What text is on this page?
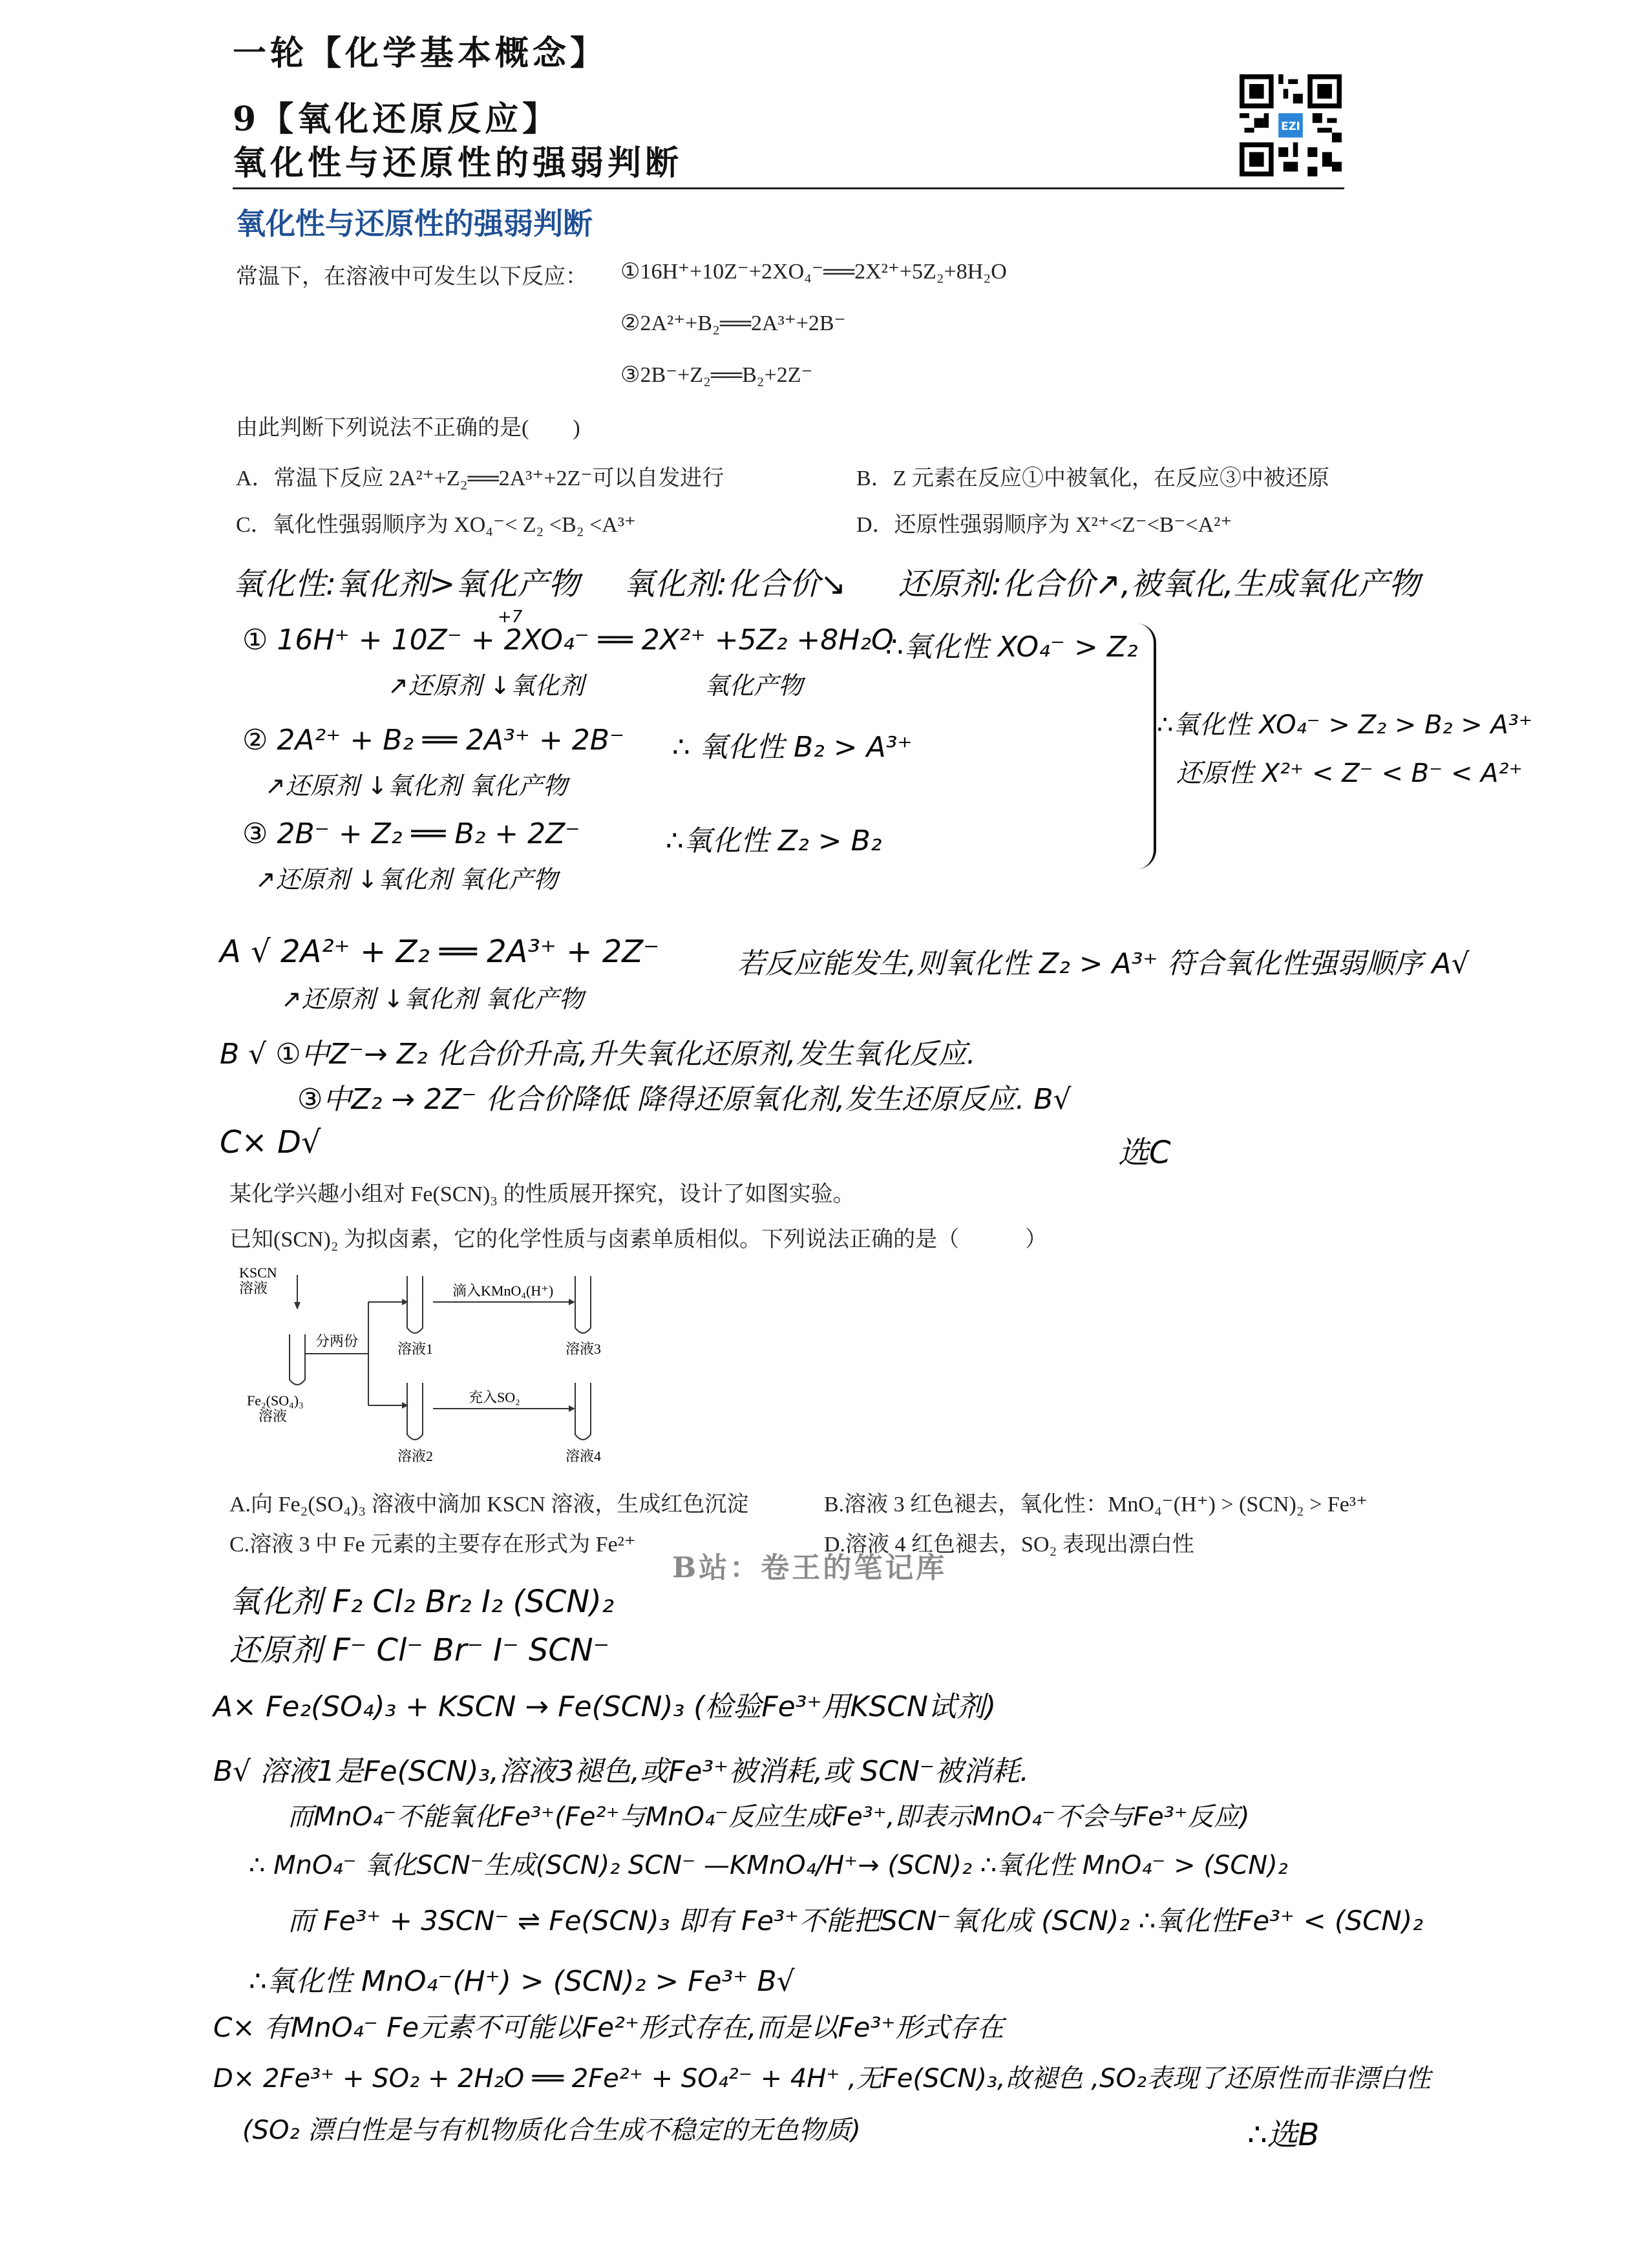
一轮【化学基本概念】
9【氧化还原反应】
氧化性与还原性的强弱判断
EZI
氧化性与还原性的强弱判断
常温下，在溶液中可发生以下反应： ①16H⁺+10Z⁻+2XO₄⁻══2X²⁺+5Z₂+8H₂O
②2A²⁺+B₂══2A³⁺+2B⁻
③2B⁻+Z₂══B₂+2Z⁻
由此判断下列说法不正确的是(　　)
A．常温下反应 2A²⁺+Z₂══2A³⁺+2Z⁻可以自发进行	B．Z 元素在反应①中被氧化，在反应③中被还原
C．氧化性强弱顺序为 XO₄⁻< Z₂ <B₂ <A³⁺	D．还原性强弱顺序为 X²⁺<Z⁻<B⁻<A²⁺
氧化性:氧化剂>氧化产物 氧化剂:化合价↘ 还原剂:化合价↗,被氧化,生成氧化产物
+7
① 16H⁺ + 10Z⁻ + 2XO₄⁻ ══ 2X²⁺ +5Z₂ +8H₂O
∴氧化性 XO₄⁻ > Z₂
↗还原剂 ↓氧化剂	氧化产物
② 2A²⁺ + B₂ ══ 2A³⁺ + 2B⁻ ∴ 氧化性 B₂ > A³⁺
↗还原剂 ↓氧化剂 氧化产物
③ 2B⁻ + Z₂ ══ B₂ + 2Z⁻	∴氧化性 Z₂ > B₂
↗还原剂 ↓氧化剂 氧化产物
∴氧化性 XO₄⁻ > Z₂ > B₂ > A³⁺
还原性 X²⁺ < Z⁻ < B⁻ < A²⁺
A √ 2A²⁺ + Z₂ ══ 2A³⁺ + 2Z⁻	若反应能发生,则氧化性 Z₂ > A³⁺ 符合氧化性强弱顺序 A√
↗还原剂 ↓氧化剂 氧化产物
B √ ①中Z⁻→ Z₂ 化合价升高,升失氧化还原剂,发生氧化反应.
③中Z₂ → 2Z⁻ 化合价降低 降得还原氧化剂,发生还原反应. B√
C× D√	选C
某化学兴趣小组对 Fe(SCN)₃ 的性质展开探究，设计了如图实验。
已知(SCN)₂ 为拟卤素，它的化学性质与卤素单质相似。下列说法正确的是（　　　）
KSCN
溶液
分两份
Fe₂(SO₄)₃
溶液
溶液1	溶液3
溶液2	溶液4
滴入KMnO₄(H⁺)
充入SO₂
A.向 Fe₂(SO₄)₃ 溶液中滴加 KSCN 溶液，生成红色沉淀	B.溶液 3 红色褪去，氧化性：MnO₄⁻(H⁺) > (SCN)₂ > Fe³⁺
C.溶液 3 中 Fe 元素的主要存在形式为 Fe²⁺	D.溶液 4 红色褪去，SO₂ 表现出漂白性
B站：卷王的笔记库
氧化剂 F₂ Cl₂ Br₂ I₂ (SCN)₂
还原剂 F⁻ Cl⁻ Br⁻ I⁻ SCN⁻
A× Fe₂(SO₄)₃ + KSCN → Fe(SCN)₃ (检验Fe³⁺用KSCN试剂)
B√ 溶液1是Fe(SCN)₃,溶液3褪色,或Fe³⁺被消耗,或 SCN⁻被消耗.
而MnO₄⁻不能氧化Fe³⁺(Fe²⁺与MnO₄⁻反应生成Fe³⁺,即表示MnO₄⁻不会与Fe³⁺反应)
∴ MnO₄⁻ 氧化SCN⁻生成(SCN)₂ SCN⁻ —KMnO₄/H⁺→ (SCN)₂ ∴氧化性 MnO₄⁻ > (SCN)₂
而 Fe³⁺ + 3SCN⁻ ⇌ Fe(SCN)₃ 即有 Fe³⁺不能把SCN⁻氧化成 (SCN)₂ ∴氧化性Fe³⁺ < (SCN)₂
∴氧化性 MnO₄⁻(H⁺) > (SCN)₂ > Fe³⁺ B√
C× 有MnO₄⁻ Fe元素不可能以Fe²⁺形式存在,而是以Fe³⁺形式存在
D× 2Fe³⁺ + SO₂ + 2H₂O ══ 2Fe²⁺ + SO₄²⁻ + 4H⁺ ,无Fe(SCN)₃,故褪色 ,SO₂表现了还原性而非漂白性
(SO₂ 漂白性是与有机物质化合生成不稳定的无色物质)	∴选B
